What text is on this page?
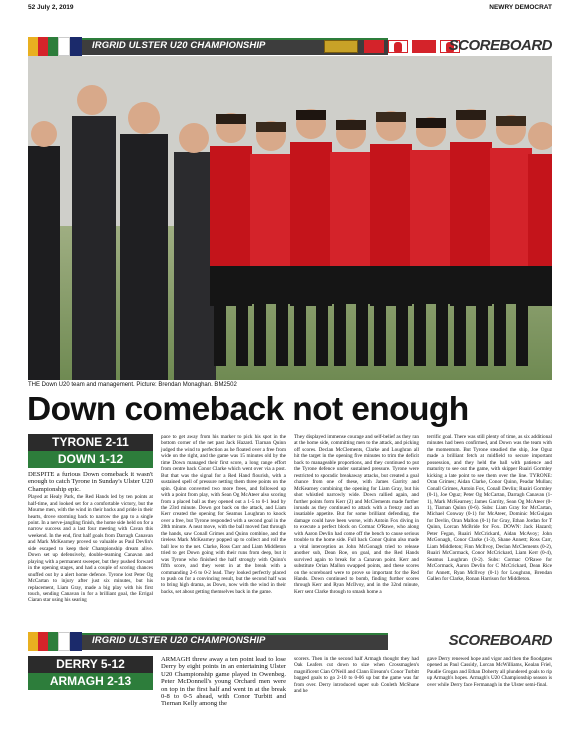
52 July 2, 2019	NEWRY DEMOCRAT
IRGRID ULSTER U20 CHAMPIONSHIP	SCOREBOARD
THE Down U20 team and management. Picture: Brendan Monaghan. BM2502
Down comeback not enough
TYRONE 2-11
DOWN 1-12

DESPITE a furious Down comeback it wasn't enough to catch Tyrone in Sunday's Ulster U20 Championship epic.

Played at Healy Park, the Red Hands led by ten points at half-time, and looked set for a comfortable victory, but the Mourne men, with the wind in their backs and pride in their hearts, drove storming back to narrow the gap to a single point. In a nerve-jangling finish, the home side held on for a narrow success and a last four meeting with Cavan this weekend. In the end, first half goals from Darragh Canavan and Mark McKearney proved so valuable as Paul Devlin's side escaped to keep their Championship dream alive. Down set up defensively, double-teaming Canavan and playing with a permanent sweeper, but they pushed forward in the opening stages, and had a couple of scoring chances snuffed out by a alert home defence. Tyrone lost Peter Og McCartan to injury after just six minutes, but his replacement, Liam Gray, made a big play with his first touch, sending Canavan in for a brilliant goal, the Errigal Ciaran star using his searing

pace to get away from his marker to pick his spot in the bottom corner of the net past Jack Hazard. Tiarnan Quinn judged the wind to perfection as he floated over a free from wide on the right, and the game was 15 minutes old by the time Down managed their first score, a long range effort from centre back Conor Clarke which went over via a post. But that was the signal for a Red Hand flourish, with a sustained spell of pressure netting them three points on the spin. Quinn converted two more frees, and followed up with a point from play, with Sean Og McAteer also scoring from a placed ball as they opened out a 1-5 to 0-1 lead by the 23rd minute. Down got back on the attack, and Liam Kerr created the opening for Seamus Loughran to knock over a free, but Tyrone responded with a second goal in the 28th minute. A neat move, with the ball moved fast through the hands, saw Conall Grimes and Quinn combine, and the tireless Mark McKearney popped up to collect and roll the ball low to the net. Clarke, Ross Carr and Liam Middleton tried to get Down going with their runs from deep, but it was Tyrone who finished the half strongly with Quinn's fifth score, and they went in at the break with a commanding 2-6 to 0-2 lead. They looked perfectly placed to push on for a convincing result, but the second half was to bring high drama, as Down, now with the wind in their backs, set about getting themselves back in the game.

They displayed immense courage and self-belief as they ran at the home side, committing men to the attack, and picking off scores. Declan McClements, Clarke and Loughran all hit the target in the opening five minutes to trim the deficit back to manageable proportions, and they continued to put the Tyrone defence under sustained pressure. Tyrone were restricted to sporadic breakaway attacks, but created a goal chance from one of these, with James Garrity and McKearney combining the opening for Liam Gray, but his shot whistled narrowly wide. Down rallied again, and further points form Kerr (2) and McClements made further inroads as they continued to attack with a frenzy and an insatiable appetite. But for some brilliant defending, the damage could have been worse, with Antoin Fox diving in to execute a perfect block on Cormac O'Rawe, who along with Aaron Devlin had come off the bench to cause serious trouble to the home side. Full back Conor Quinn also made a vital interception as John McGonagh tried to release another sub, Dean Roe, on goal, and the Red Hands survived again to break for a Canavan point. Kerr and substitute Orian Mallon swapped points, and these scores on the scoreboard were to prove so important for the Red Hands. Down continued to bomb, finding further scores through Kerr and Ryan McIlvoy, and in the 32nd minute, Kerr sent Clarke through to smash home a

terrific goal. There was still plenty of time, as six additional minutes had been confirmed, and Down was the team with the momentum. But Tyrone steadied the ship, Joe Oguz made a brilliant fetch at midfield to secure important possession, and they held the ball with patience and maturity to see out the game, with skipper Ruairi Gormley kicking a late point to see them over the line. TYRONE: Oran Grimes; Aidan Clarke, Conor Quinn, Peadar Mullan; Conall Grimes, Antoin Fox, Conall Devlin; Ruairi Gormley (0-1), Joe Oguz; Peter Og McCartan, Darragh Canavan (1-1), Mark McKearney; James Garrity, Sean Og McAteer (0-1), Tiarnan Quinn (0-6). Subs: Liam Gray for McCartan, Michael Conway (0-1) for McAteer, Dominic McGuigan for Devlin, Oran Mallon (0-1) for Gray, Ethan Jordan for T Quinn, Lorcan McBride for Fox. DOWN: Jack Hazard; Peter Fegan, Ruairi McCrickard, Aidan McAvoy; John McGonagh, Conor Clarke (1-3), Shane Annett; Ross Carr, Liam Middleton; Finn McIlvoy, Declan McClements (0-2), Ruairi McCormack, Conor McCrickard, Liam Kerr (0-4), Seamus Loughran (0-2). Subs: Cormac O'Rawe for McCormack, Aaron Devlin for C McCrickard, Dean Rice for Annett, Ryan McIlvoy (0-1) for Loughran, Brendan Gallen for Clarke, Ronan Harrison for Middleton.

IRGRID ULSTER U20 CHAMPIONSHIP	SCOREBOARD
DERRY 5-12
ARMAGH 2-13

ARMAGH threw away a ten point lead to lose Derry by eight points in an entertaining Ulster U20 Championship game played in Owenbeg. Peter McDonnell's young Orchard men were on top in the first half and went in at the break 0-8 to 0-5 ahead, with Conor Turbitt and Tiernan Kelly among the

scorers. Then in the second half Armagh thought they had Oak Leafers cut down to size when Crossmaglen's magnificent Cian O'Neill and Clann Eireann's Conor Turbitt bagged goals to go 2-10 to 0-06 up but the game was far from over. Derry introduced super sub Conleth McShane and he

gave Derry renewed hope and vigor and then the floodgates opened as Paul Cassidy, Lorcan McWilliams, Kealan Friel, Paudie Grogan and Ethan Doherty all plundered goals to rip up Armagh's hopes. Armagh's U20 Championship season is over while Derry face Fermanagh in the Ulster semi-final.
